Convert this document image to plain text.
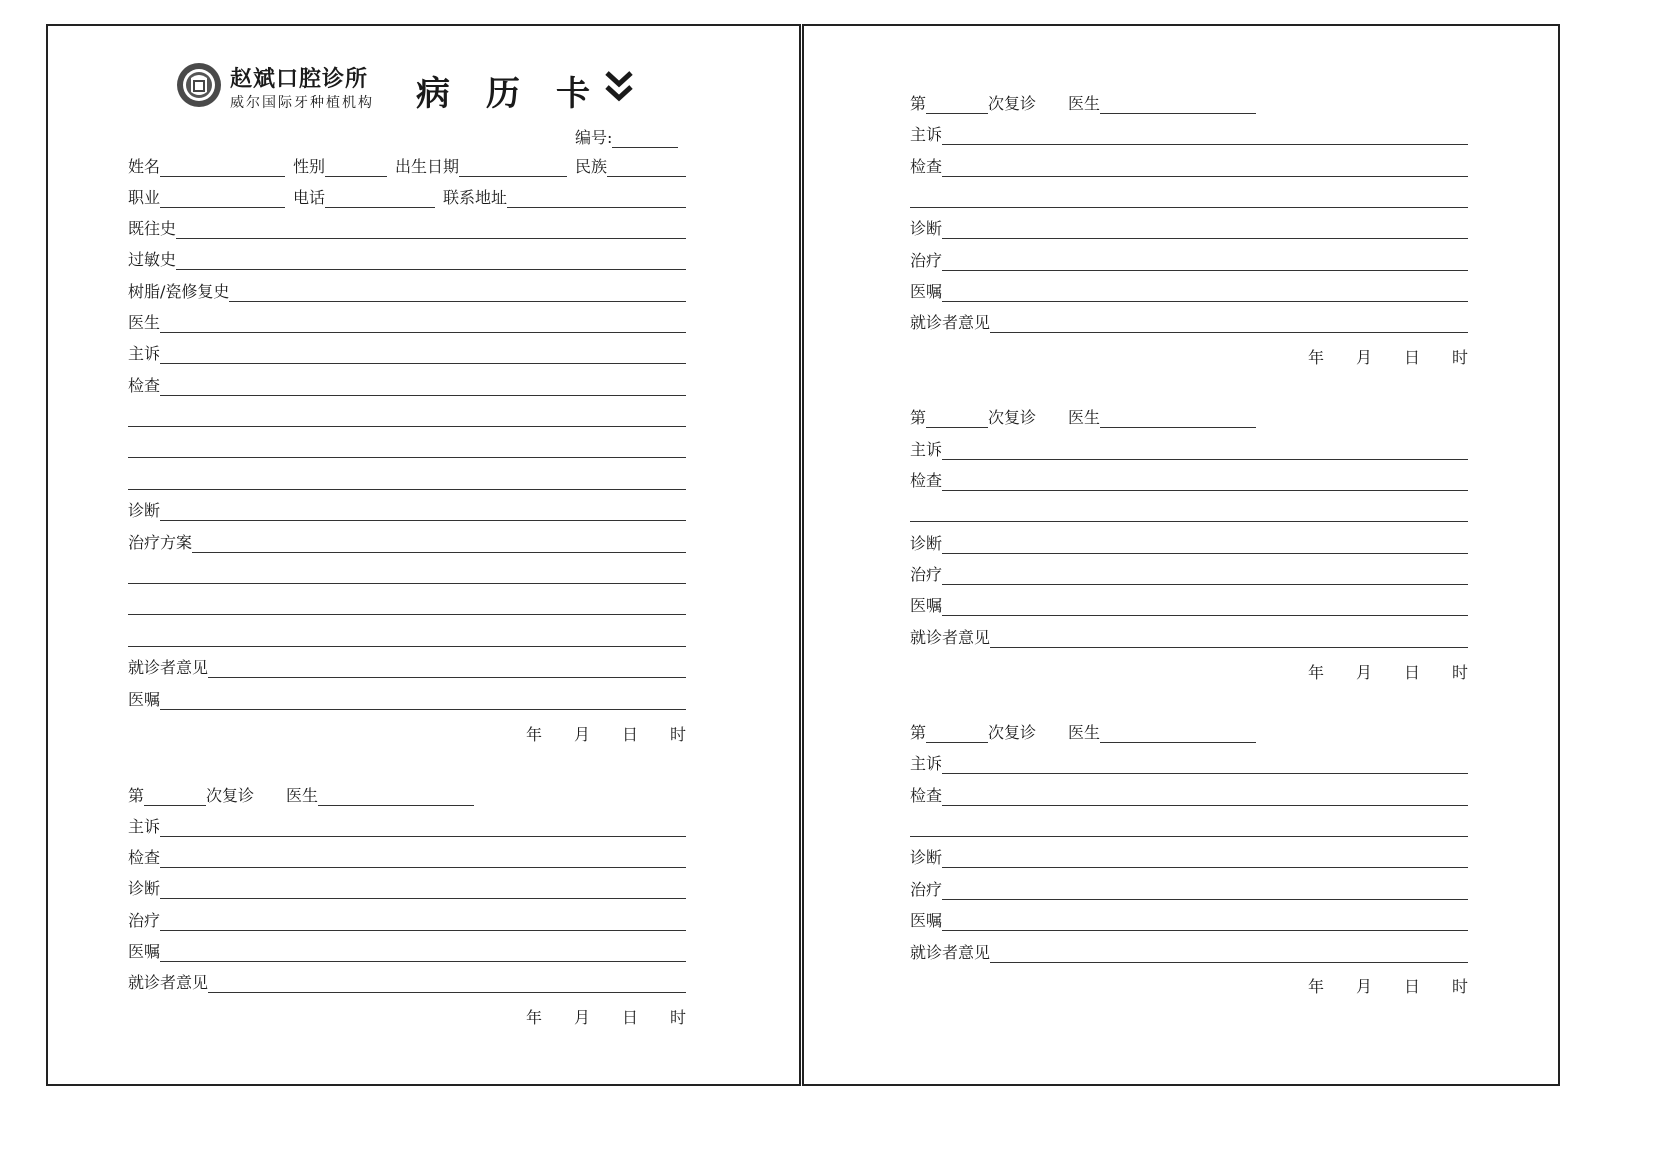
赵斌口腔诊所
威尔国际牙种植机构 病历卡
编号:
姓名	性别	出生日期	民族
职业	电话	联系地址
既往史
过敏史
树脂/瓷修复史
医生
主诉
检查
诊断
治疗方案
就诊者意见
医嘱
年 月 日 时
第	次复诊 医生
主诉
检查
诊断
治疗
医嘱
就诊者意见
年 月 日 时
第	次复诊 医生
主诉
检查
诊断
治疗
医嘱
就诊者意见
年 月 日 时
第	次复诊 医生
主诉
检查
诊断
治疗
医嘱
就诊者意见
年 月 日 时
第	次复诊 医生
主诉
检查
诊断
治疗
医嘱
就诊者意见
年 月 日 时
